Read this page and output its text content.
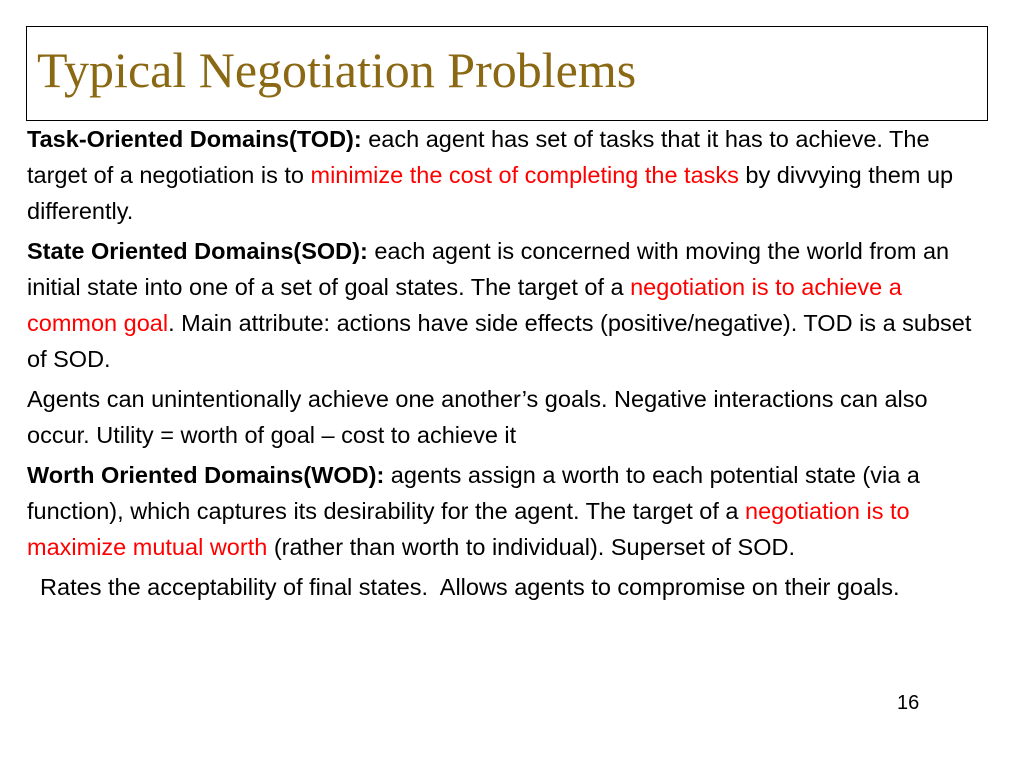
Typical Negotiation Problems

Task-Oriented Domains(TOD): each agent has set of tasks that it has to achieve. The target of a negotiation is to minimize the cost of completing the tasks by divvying them up differently.

State Oriented Domains(SOD): each agent is concerned with moving the world from an initial state into one of a set of goal states. The target of a negotiation is to achieve a common goal. Main attribute: actions have side effects (positive/negative). TOD is a subset of SOD.

Agents can unintentionally achieve one another’s goals. Negative interactions can also occur. Utility = worth of goal – cost to achieve it

Worth Oriented Domains(WOD): agents assign a worth to each potential state (via a function), which captures its desirability for the agent. The target of a negotiation is to maximize mutual worth (rather than worth to individual). Superset of SOD.

Rates the acceptability of final states.  Allows agents to compromise on their goals.

16
